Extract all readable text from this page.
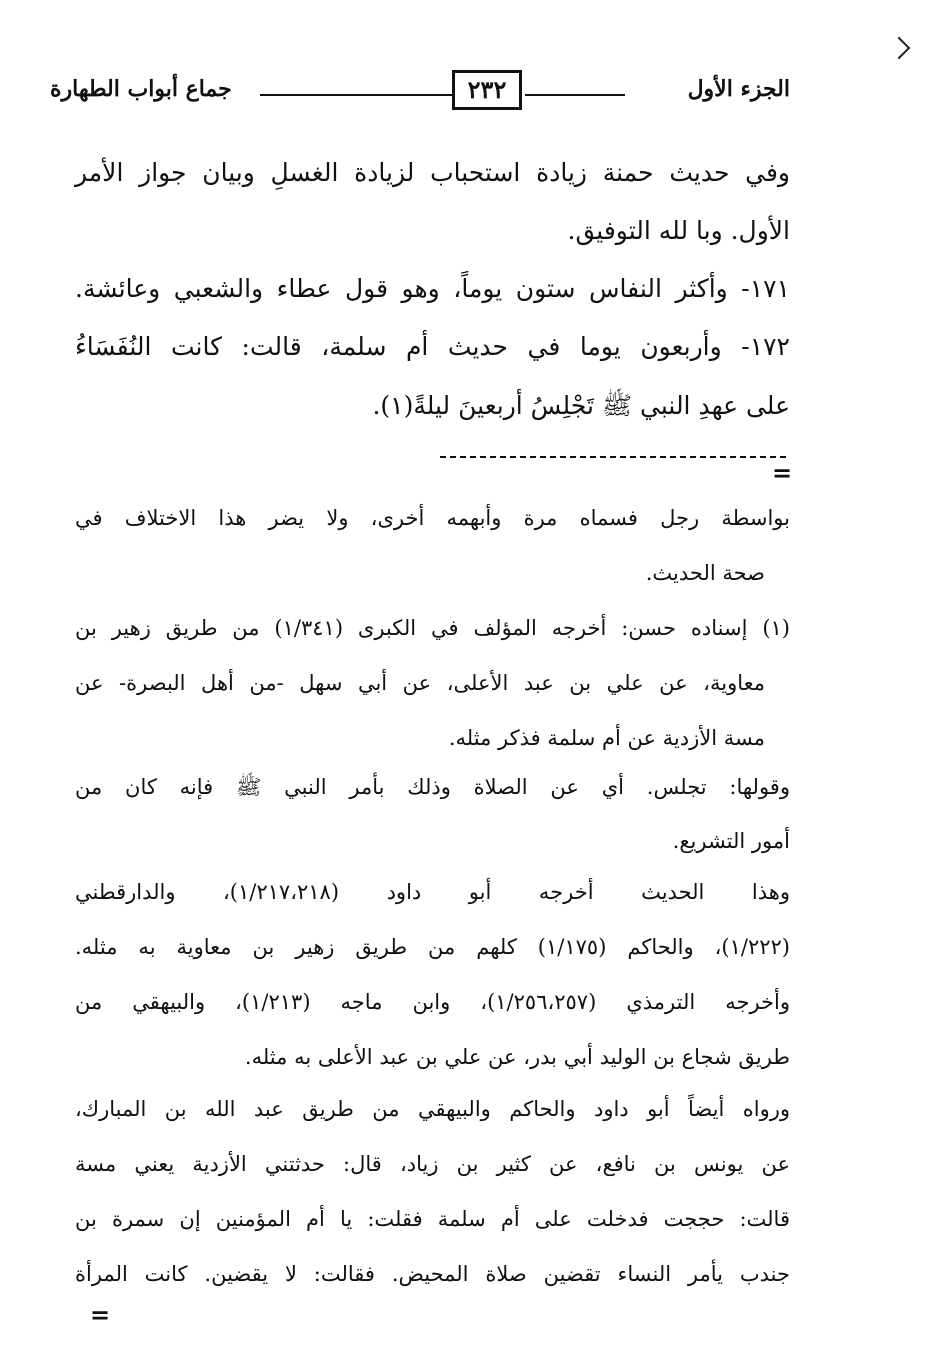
الجزء الأول
٢٣٢
جماع أبواب الطهارة
وفي حديث حمنة زيادة استحباب لزيادة الغسلِ وبيان جواز الأمر
الأول. وبا لله التوفيق.
١٧١- وأكثر النفاس ستون يوماً، وهو قول عطاء والشعبي وعائشة.
١٧٢- وأربعون يوما في حديث أم سلمة، قالت: كانت النُفَسَاءُ
على عهدِ النبي ﷺ تَجْلِسُ أربعينَ ليلةً(١).
=
بواسطة رجل فسماه مرة وأبهمه أخرى، ولا يضر هذا الاختلاف في
صحة الحديث.
(١) إسناده حسن: أخرجه المؤلف في الكبرى (١/٣٤١) من طريق زهير بن
معاوية، عن علي بن عبد الأعلى، عن أبي سهل -من أهل البصرة- عن
مسة الأزدية عن أم سلمة فذكر مثله.
وقولها: تجلس. أي عن الصلاة وذلك بأمر النبي ﷺ فإنه كان من
أمور التشريع.
وهذا الحديث أخرجه أبو داود (١/٢١٧،٢١٨)، والدارقطني
(١/٢٢٢)، والحاكم (١/١٧٥) كلهم من طريق زهير بن معاوية به مثله.
وأخرجه الترمذي (١/٢٥٦،٢٥٧)، وابن ماجه (١/٢١٣)، والبيهقي من
طريق شجاع بن الوليد أبي بدر، عن علي بن عبد الأعلى به مثله.
ورواه أيضاً أبو داود والحاكم والبيهقي من طريق عبد الله بن المبارك،
عن يونس بن نافع، عن كثير بن زياد، قال: حدثتني الأزدية يعني مسة
قالت: حججت فدخلت على أم سلمة فقلت: يا أم المؤمنين إن سمرة بن
جندب يأمر النساء تقضين صلاة المحيض. فقالت: لا يقضين. كانت المرأة
=
